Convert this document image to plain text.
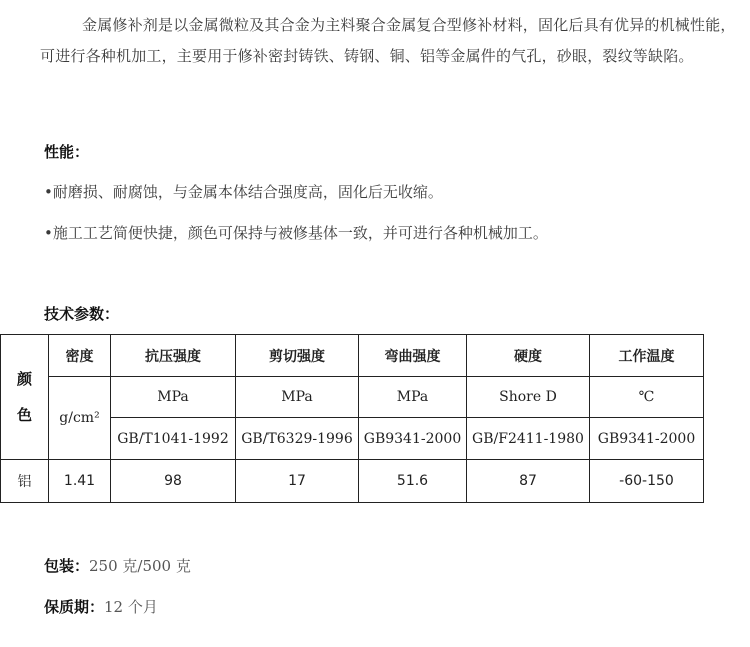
金属修补剂是以金属微粒及其合金为主料聚合金属复合型修补材料，固化后具有优异的机械性能，可进行各种机加工，主要用于修补密封铸铁、铸钢、铜、铝等金属件的气孔，砂眼，裂纹等缺陷。
性能：
•耐磨损、耐腐蚀，与金属本体结合强度高，固化后无收缩。
•施工工艺简便快捷，颜色可保持与被修基体一致，并可进行各种机械加工。
技术参数：
颜
色	密度	抗压强度	剪切强度	弯曲强度	硬度	工作温度
	g/cm²	MPa	MPa	MPa	Shore D	℃
		GB/T1041-1992	GB/T6329-1996	GB9341-2000	GB/F2411-1980	GB9341-2000
铝	1.41	98	17	51.6	87	-60-150
包装：250 克/500 克
保质期：12 个月
